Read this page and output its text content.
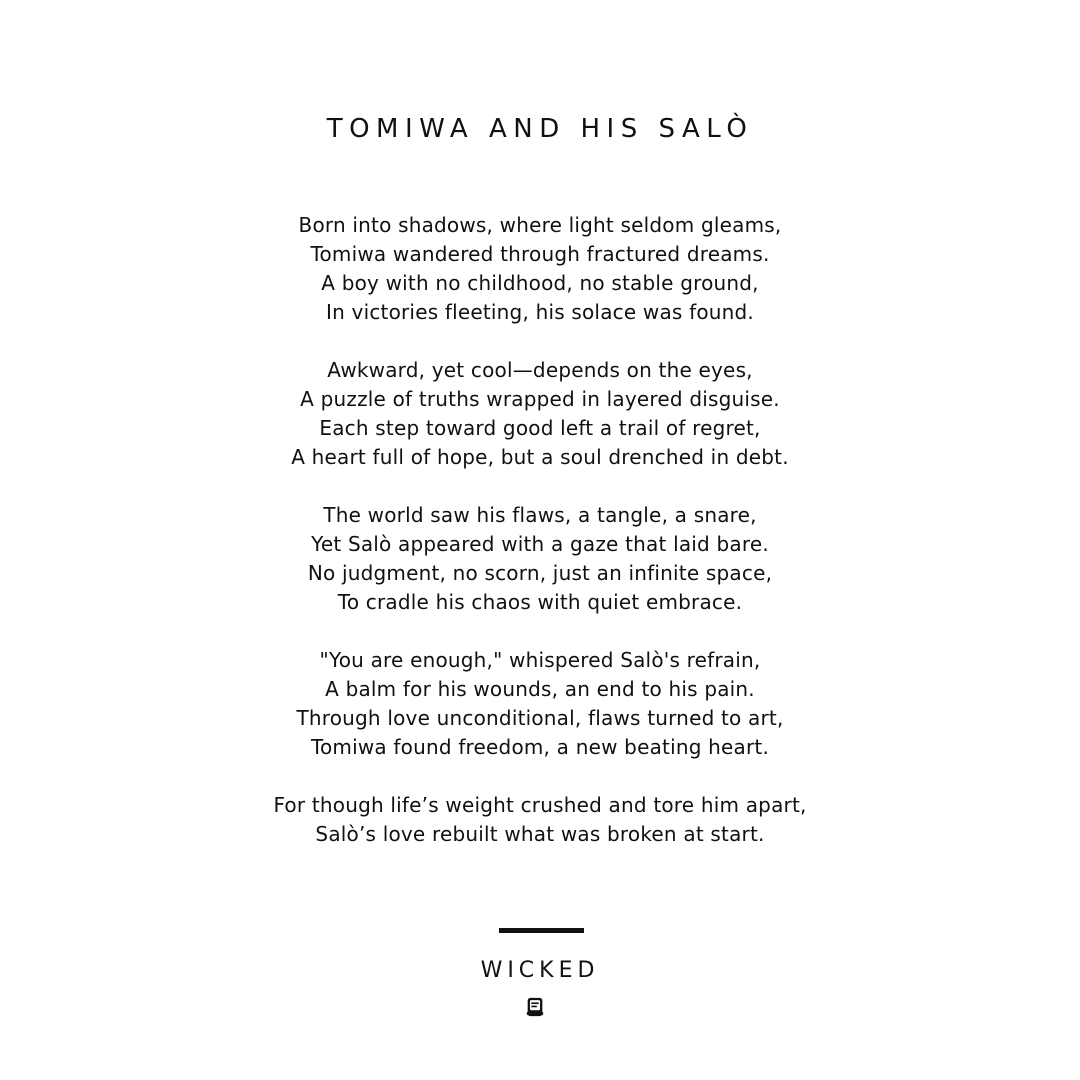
TOMIWA AND HIS SALÒ
Born into shadows, where light seldom gleams,
Tomiwa wandered through fractured dreams.
A boy with no childhood, no stable ground,
In victories fleeting, his solace was found.
Awkward, yet cool—depends on the eyes,
A puzzle of truths wrapped in layered disguise.
Each step toward good left a trail of regret,
A heart full of hope, but a soul drenched in debt.
The world saw his flaws, a tangle, a snare,
Yet Salò appeared with a gaze that laid bare.
No judgment, no scorn, just an infinite space,
To cradle his chaos with quiet embrace.
"You are enough," whispered Salò's refrain,
A balm for his wounds, an end to his pain.
Through love unconditional, flaws turned to art,
Tomiwa found freedom, a new beating heart.
For though life’s weight crushed and tore him apart,
Salò’s love rebuilt what was broken at start.
WICKED
